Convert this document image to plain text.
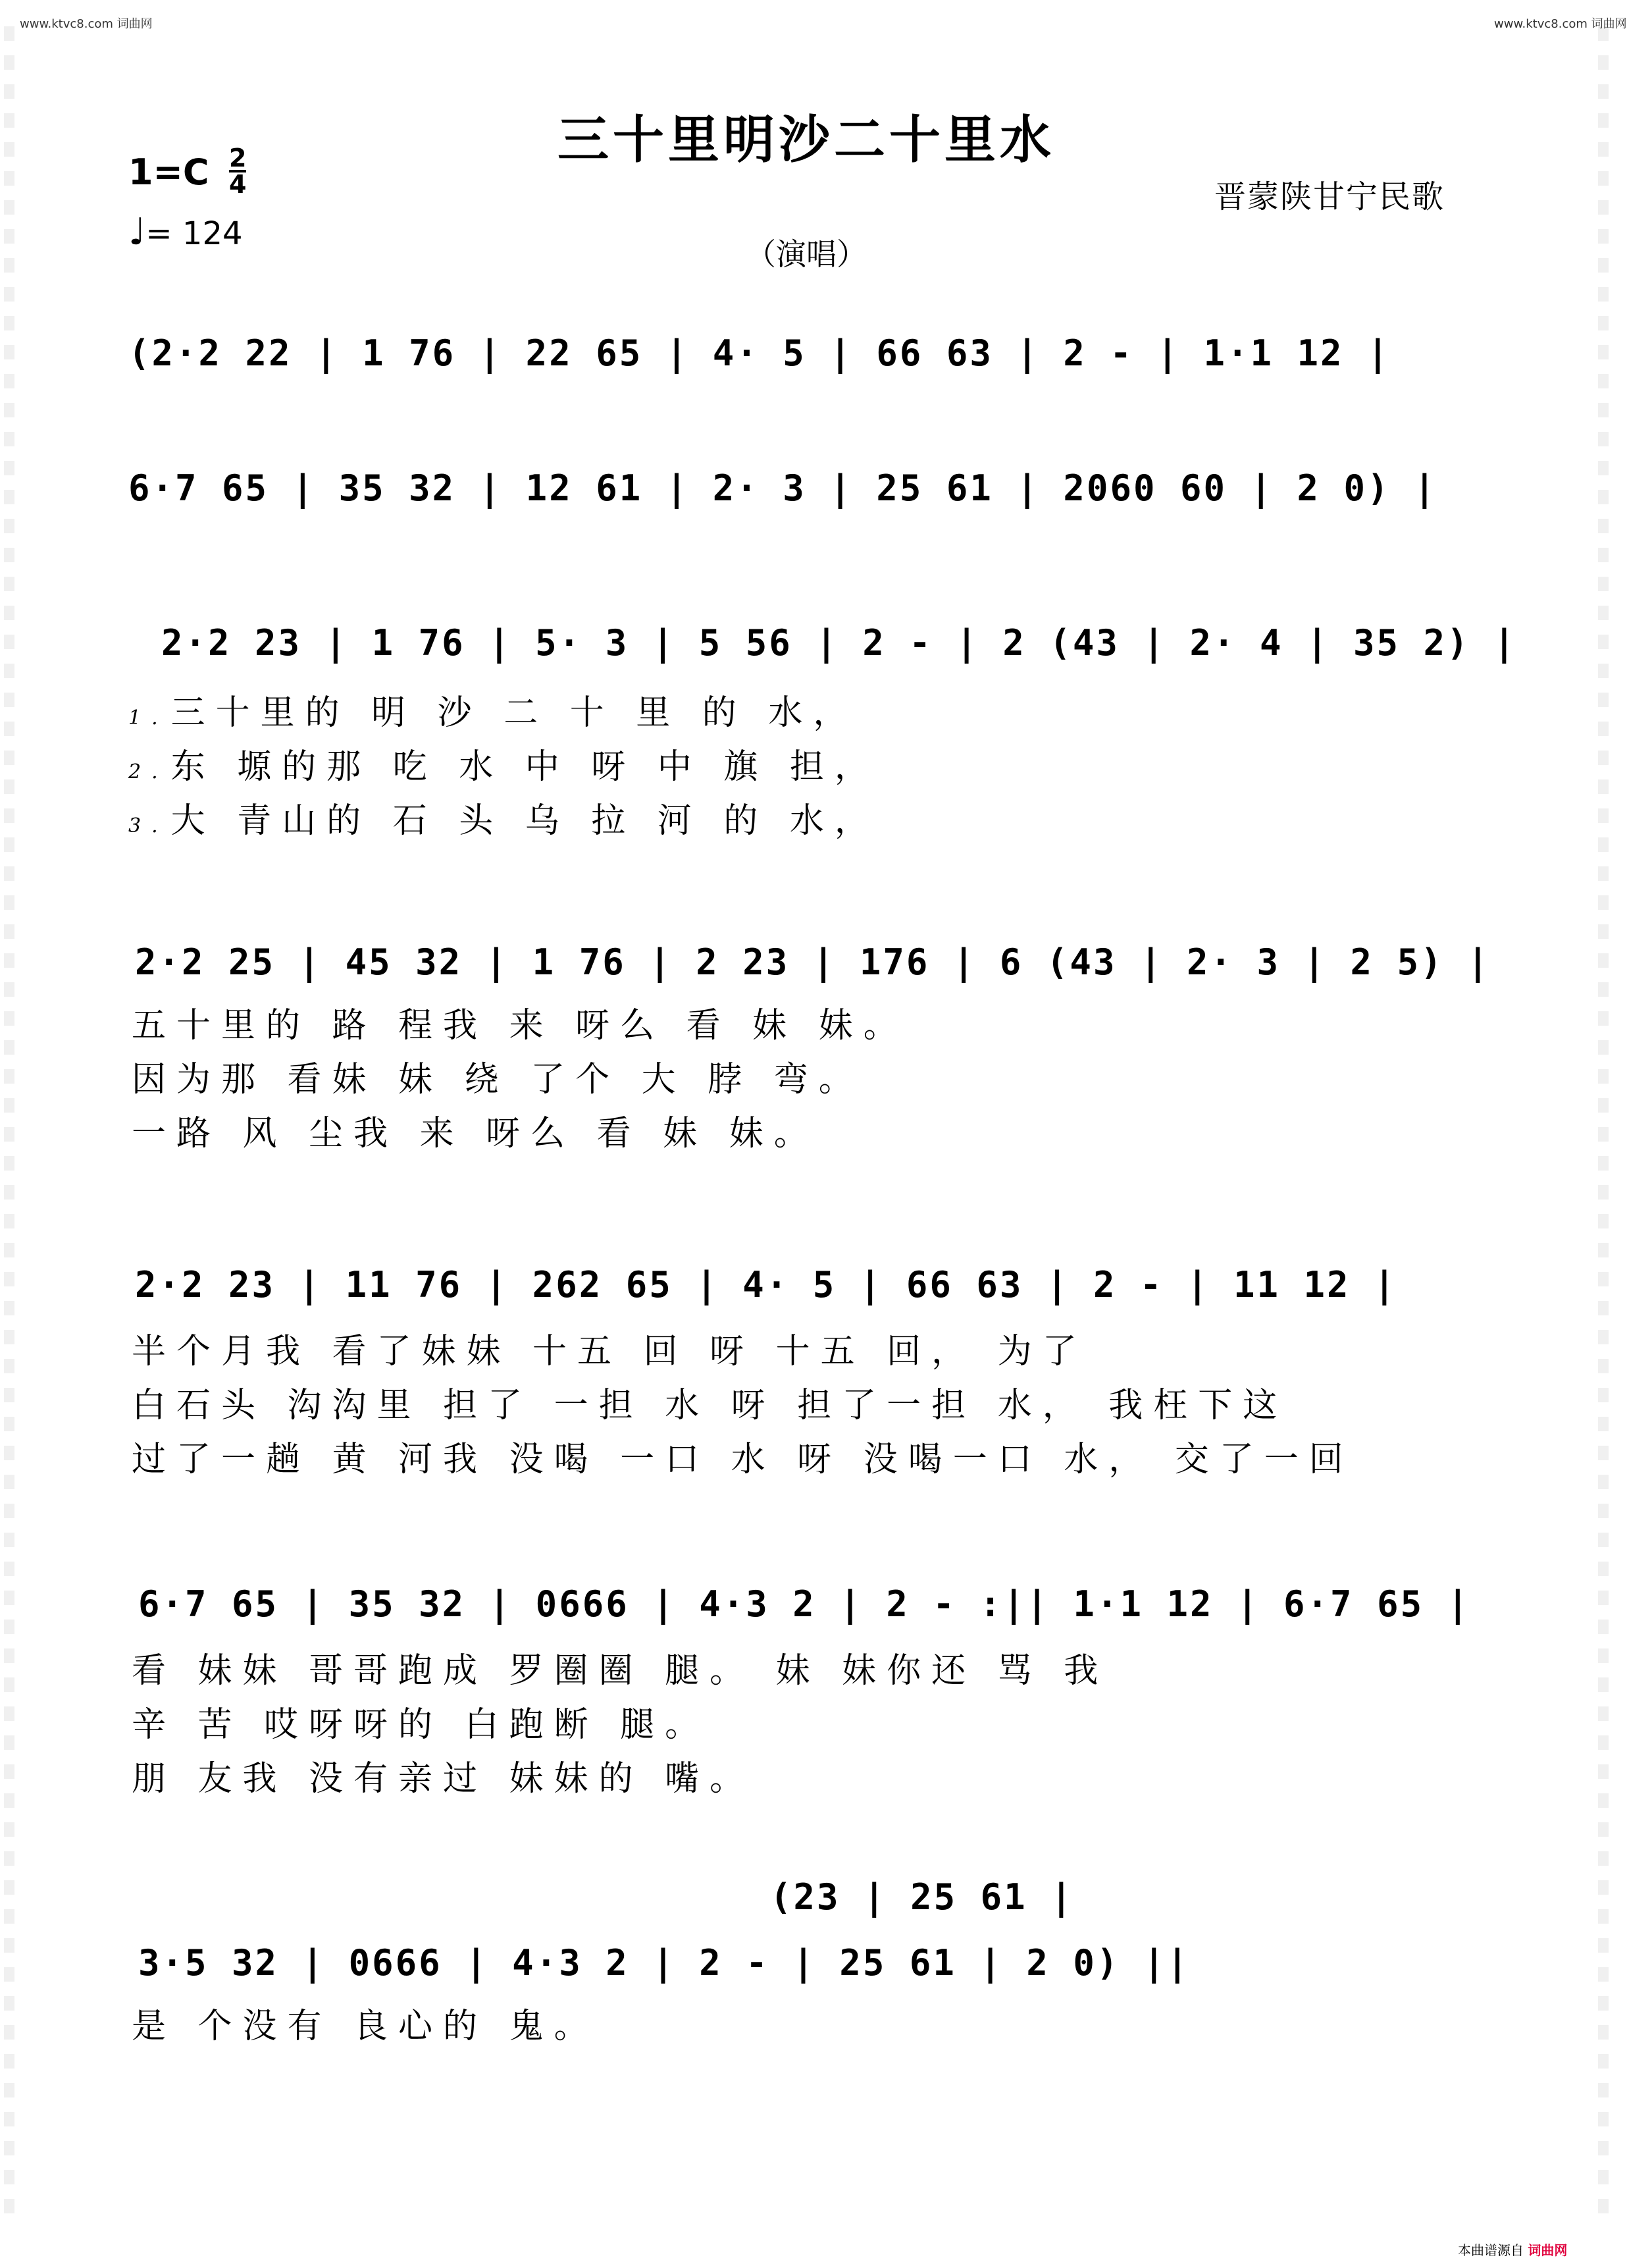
www.ktvc8.com 词曲网	www.ktvc8.com 词曲网
三十里明沙二十里水
1=C 2
4
♩= 124
晋蒙陕甘宁民歌
（演唱）
(2·2 22 | 1 76 | 22 65 | 4· 5 | 66 63 | 2 - | 1·1 12 |
6·7 65 | 35 32 | 12 61 | 2· 3 | 25 61 | 2060 60 | 2 0) |
2·2 23 | 1 76 | 5· 3 | 5 56 | 2 - | 2 (43 | 2· 4 | 35 2) |
1.三十里的 明 沙 二 十 里 的 水，
2.东 塬的那 吃 水 中 呀 中 旗 担，
3.大 青山的 石 头 乌 拉 河 的 水，
2·2 25 | 45 32 | 1 76 | 2 23 | 176 | 6 (43 | 2· 3 | 2 5) |
五十里的 路 程我 来 呀么 看 妹 妹。
因为那 看妹 妹 绕 了个 大 脖 弯。
一路 风 尘我 来 呀么 看 妹 妹。
2·2 23 | 11 76 | 262 65 | 4· 5 | 66 63 | 2 - | 11 12 |
半个月我 看了妹妹 十五 回 呀 十五 回， 为了
白石头 沟沟里 担了 一担 水 呀 担了一担 水， 我枉下这
过了一趟 黄 河我 没喝 一口 水 呀 没喝一口 水， 交了一回
6·7 65 | 35 32 | 0666 | 4·3 2 | 2 - :|| 1·1 12 | 6·7 65 |
看 妹妹 哥哥跑成 罗圈圈 腿。 妹 妹你还 骂 我
辛 苦 哎呀呀的 白跑断 腿。
朋 友我 没有亲过 妹妹的 嘴。
(23 | 25 61 |
3·5 32 | 0666 | 4·3 2 | 2 - | 25 61 | 2 0) ||
是 个没有 良心的 鬼。
本曲谱源自 词曲网
